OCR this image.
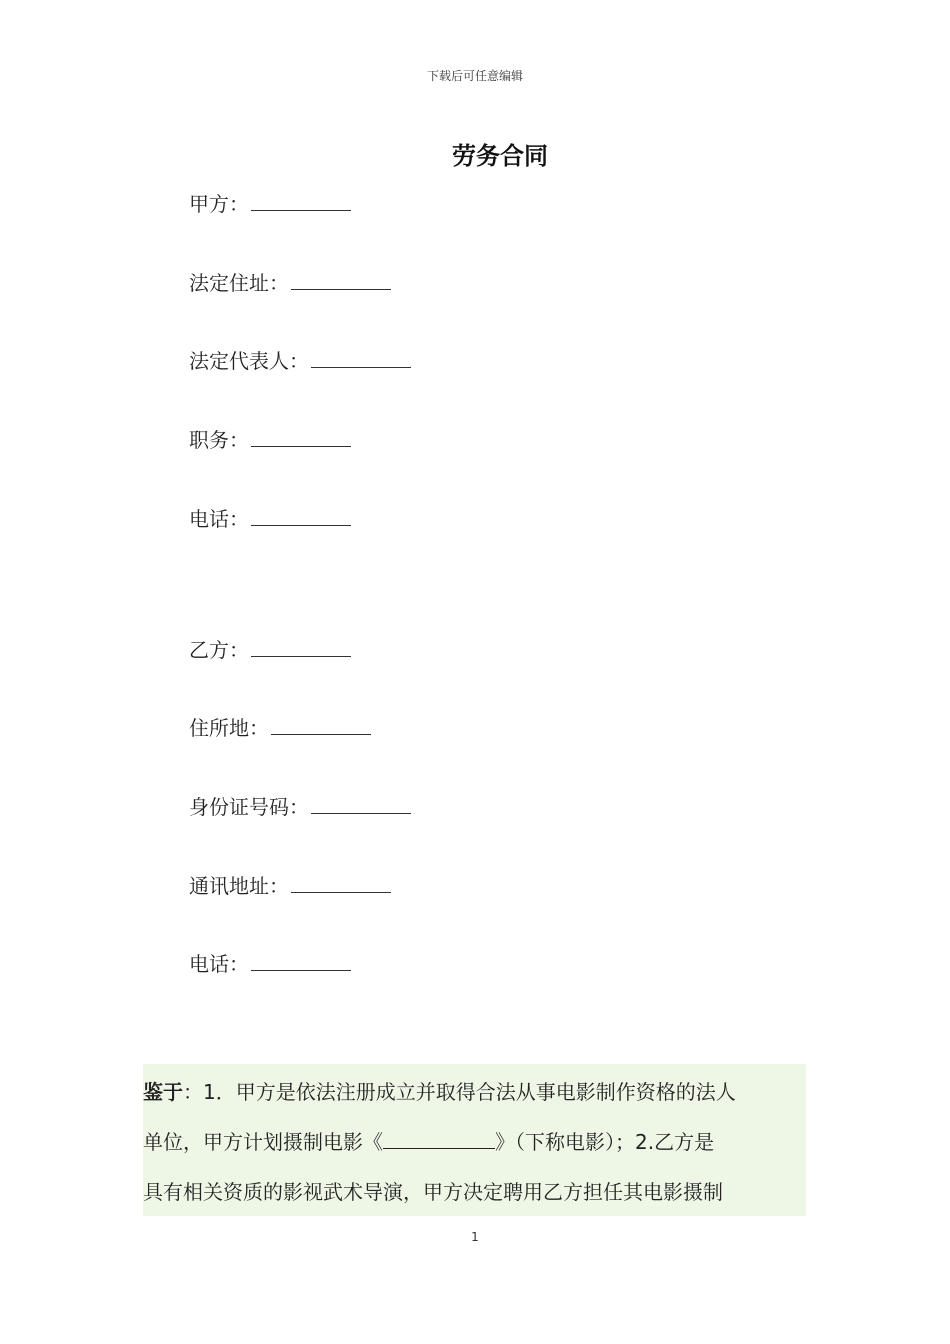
下载后可任意编辑
劳务合同
甲方：
法定住址：
法定代表人：
职务：
电话：
乙方：
住所地：
身份证号码：
通讯地址：
电话：
鉴于：1．甲方是依法注册成立并取得合法从事电影制作资格的法人
单位，甲方计划摄制电影《	》（下称电影）；2.乙方是
具有相关资质的影视武术导演，甲方决定聘用乙方担任其电影摄制
1
